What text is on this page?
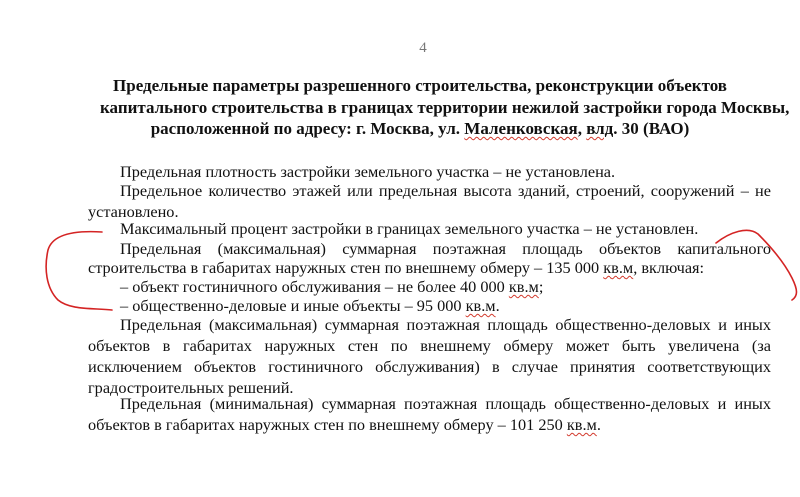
4
Предельные параметры разрешенного строительства, реконструкции объектов
капитального строительства в границах территории нежилой застройки города Москвы,
расположенной по адресу: г. Москва, ул. Маленковская, влд. 30 (ВАО)

Предельная плотность застройки земельного участка – не установлена.

Предельное количество этажей или предельная высота зданий, строений, сооружений – не установлено.

Максимальный процент застройки в границах земельного участка – не установлен.

Предельная (максимальная) суммарная поэтажная площадь объектов капитального
строительства в габаритах наружных стен по внешнему обмеру – 135 000 кв.м, включая:
– объект гостиничного обслуживания – не более 40 000 кв.м;
– общественно-деловые и иные объекты – 95 000 кв.м.

Предельная (максимальная) суммарная поэтажная площадь общественно-деловых и иных объектов в габаритах наружных стен по внешнему обмеру может быть увеличена (за исключением объектов гостиничного обслуживания) в случае принятия соответствующих градостроительных решений.

Предельная (минимальная) суммарная поэтажная площадь общественно-деловых и иных объектов в габаритах наружных стен по внешнему обмеру – 101 250 кв.м.
